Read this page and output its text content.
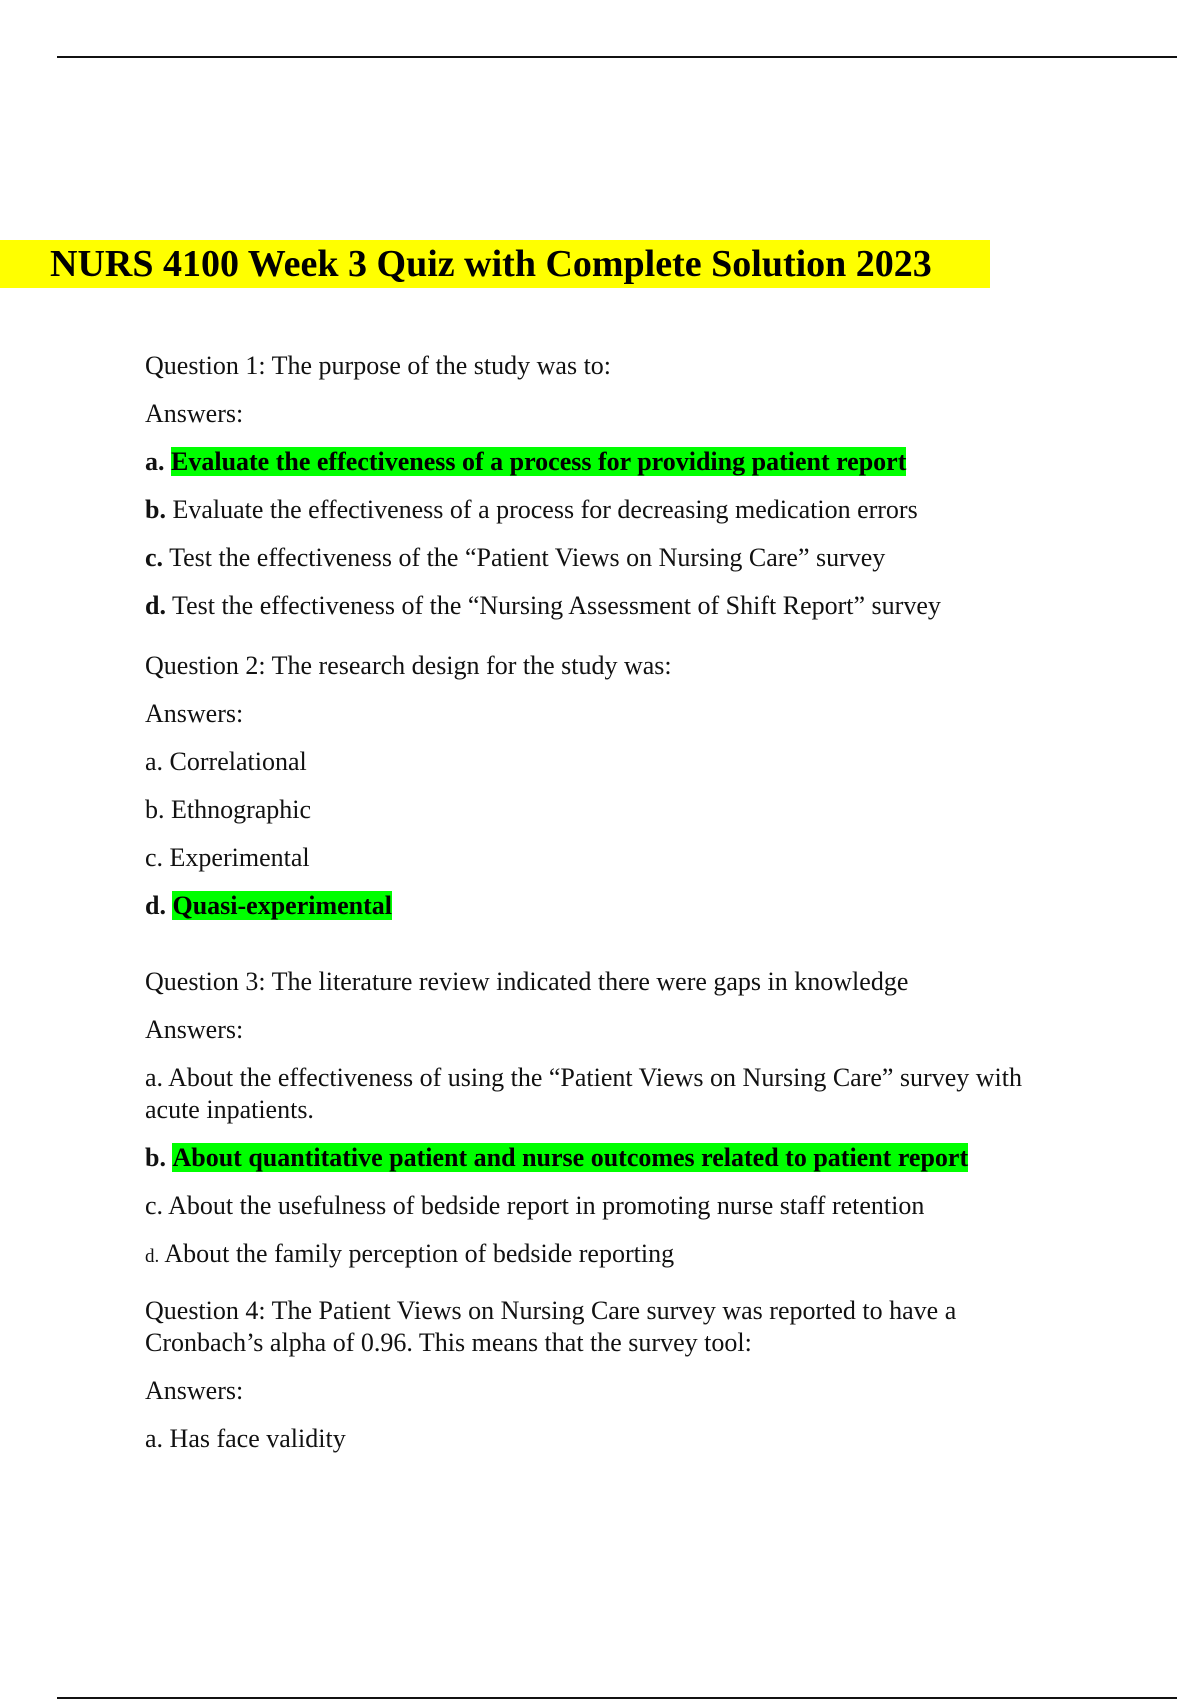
NURS 4100 Week 3 Quiz with Complete Solution 2023

Question 1: The purpose of the study was to:

Answers:

a. Evaluate the effectiveness of a process for providing patient report

b. Evaluate the effectiveness of a process for decreasing medication errors

c. Test the effectiveness of the “Patient Views on Nursing Care” survey

d. Test the effectiveness of the “Nursing Assessment of Shift Report” survey

Question 2: The research design for the study was:

Answers:

a. Correlational

b. Ethnographic

c. Experimental

d. Quasi-experimental

Question 3: The literature review indicated there were gaps in knowledge

Answers:

a. About the effectiveness of using the “Patient Views on Nursing Care” survey with acute inpatients.

b. About quantitative patient and nurse outcomes related to patient report

c. About the usefulness of bedside report in promoting nurse staff retention

d. About the family perception of bedside reporting

Question 4: The Patient Views on Nursing Care survey was reported to have a Cronbach’s alpha of 0.96. This means that the survey tool:

Answers:

a. Has face validity
